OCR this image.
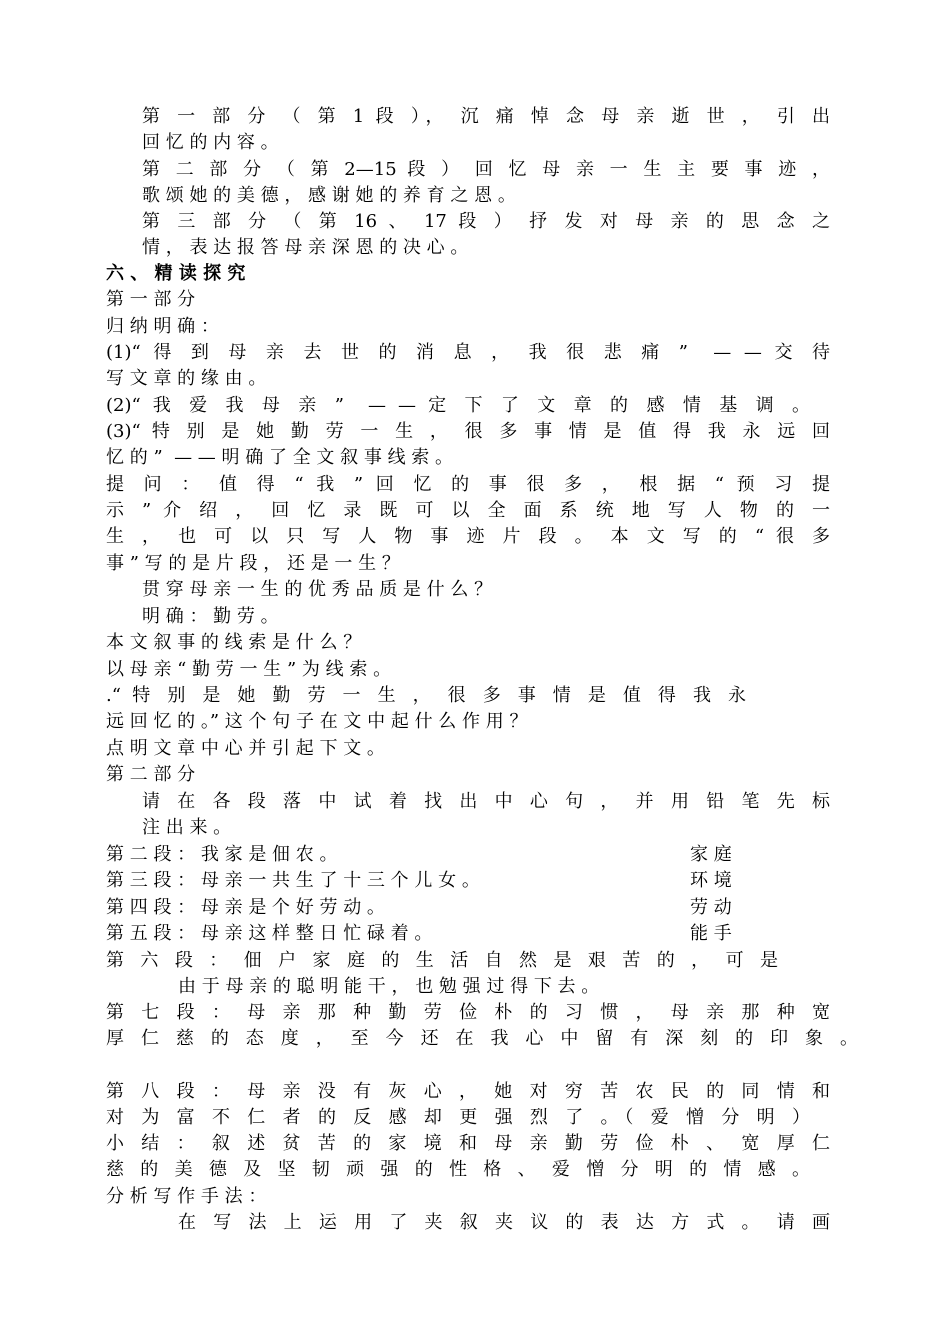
第 一 部 分 （ 第 1 段 ）， 沉 痛 悼 念 母 亲 逝 世 ， 引 出
回 忆 的 内 容 。
第 二 部 分 （ 第 2—15 段 ） 回 忆 母 亲 一 生 主 要 事 迹 ，
歌 颂 她 的 美 德 ， 感 谢 她 的 养 育 之 恩 。
第 三 部 分 （ 第 16 、 17 段 ） 抒 发 对 母 亲 的 思 念 之
情 ， 表 达 报 答 母 亲 深 恩 的 决 心 。
六 、 精 读 探 究
第 一 部 分
归 纳 明 确 ：
(1)“ 得 到 母 亲 去 世 的 消 息 ， 我 很 悲 痛 ”  — — 交 待
写 文 章 的 缘 由 。
(2)“ 我 爱 我 母 亲 ”  — — 定 下 了 文 章 的 感 情 基 调 。
(3)“ 特 别 是 她 勤 劳 一 生 ， 很 多 事 情 是 值 得 我 永 远 回
忆 的 ”  — — 明 确 了 全 文 叙 事 线 索 。
提 问 ： 值 得 “ 我 ” 回 忆 的 事 很 多 ， 根 据 “ 预 习 提
示 ” 介 绍 ， 回 忆 录 既 可 以 全 面 系 统 地 写 人 物 的 一
生 ， 也 可 以 只 写 人 物 事 迹 片 段 。 本 文 写 的 “ 很 多
事 ” 写 的 是 片 段 ， 还 是 一 生 ？
贯 穿 母 亲 一 生 的 优 秀 品 质 是 什 么 ？
明 确 ： 勤 劳 。
本 文 叙 事 的 线 索 是 什 么 ？
以 母 亲 “ 勤 劳 一 生 ” 为 线 索 。
.“ 特 别 是 她 勤 劳 一 生 ， 很 多 事 情 是 值 得 我 永
远 回 忆 的 。” 这 个 句 子 在 文 中 起 什 么 作 用 ？
点 明 文 章 中 心 并 引 起 下 文 。
第 二 部 分
请 在 各 段 落 中 试 着 找 出 中 心 句 ， 并 用 铅 笔 先 标
注 出 来 。
第 二 段 ： 我 家 是 佃 农 。
第 三 段 ： 母 亲 一 共 生 了 十 三 个 儿 女 。
第 四 段 ： 母 亲 是 个 好 劳 动 。
第 五 段 ： 母 亲 这 样 整 日 忙 碌 着 。
家 庭
环 境
劳 动
能 手
第 六 段 ： 佃 户 家 庭 的 生 活 自 然 是 艰 苦 的 ， 可 是
由 于 母 亲 的 聪 明 能 干 ， 也 勉 强 过 得 下 去 。
第 七 段 ： 母 亲 那 种 勤 劳 俭 朴 的 习 惯 ， 母 亲 那 种 宽
厚 仁 慈 的 态 度 ， 至 今 还 在 我 心 中 留 有 深 刻 的 印 象 。
第 八 段 ： 母 亲 没 有 灰 心 ， 她 对 穷 苦 农 民 的 同 情 和
对 为 富 不 仁 者 的 反 感 却 更 强 烈 了 。（ 爱 憎 分 明 ）
小 结 ： 叙 述 贫 苦 的 家 境 和 母 亲 勤 劳 俭 朴 、 宽 厚 仁
慈 的 美 德 及 坚 韧 顽 强 的 性 格 、 爱 憎 分 明 的 情 感 。
分 析 写 作 手 法 ：
在 写 法 上 运 用 了 夹 叙 夹 议 的 表 达 方 式 。 请 画
